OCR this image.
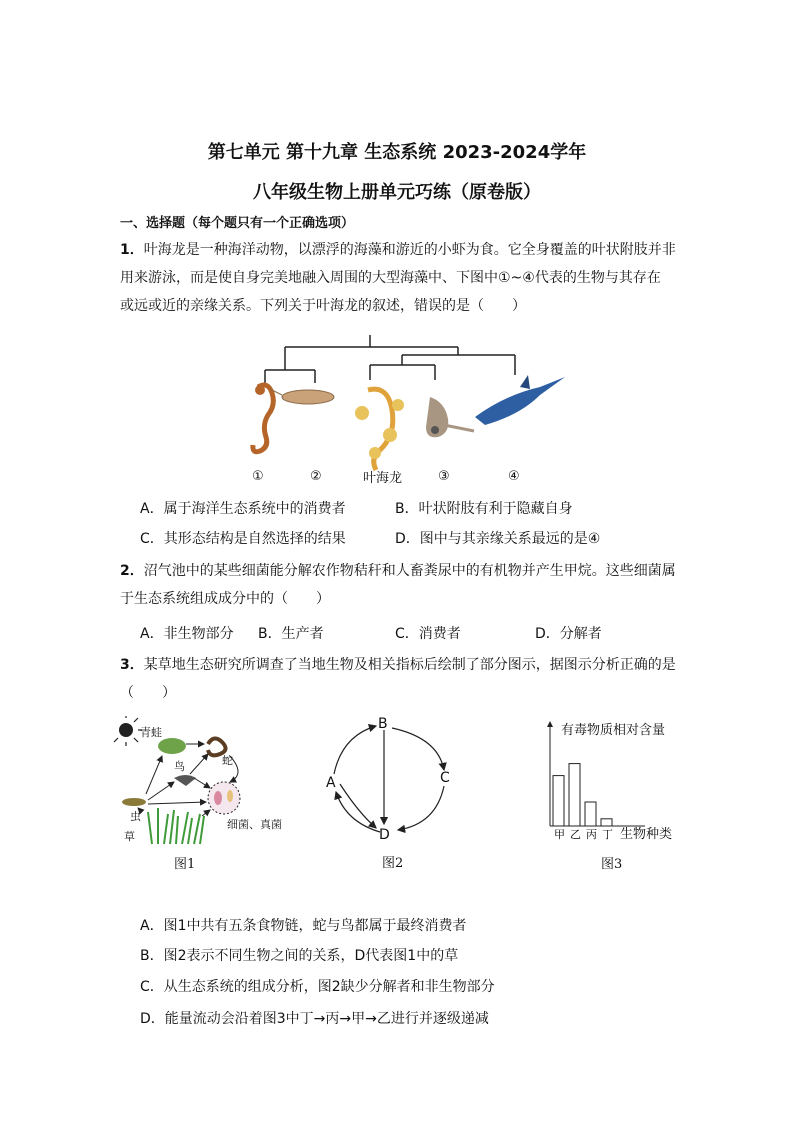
第七单元 第十九章 生态系统 2023-2024学年
八年级生物上册单元巧练（原卷版）
一、选择题（每个题只有一个正确选项）

1．叶海龙是一种海洋动物，以漂浮的海藻和游近的小虾为食。它全身覆盖的叶状附肢并非

用来游泳，而是使自身完美地融入周围的大型海藻中、下图中①~④代表的生物与其存在

或远或近的亲缘关系。下列关于叶海龙的叙述，错误的是（　　）

①	②	叶海龙	③	④
A．属于海洋生态系统中的消费者	B．叶状附肢有利于隐藏自身
C．其形态结构是自然选择的结果	D．图中与其亲缘关系最远的是④

2．沼气池中的某些细菌能分解农作物秸秆和人畜粪尿中的有机物并产生甲烷。这些细菌属

于生态系统组成成分中的（　　）

A．非生物部分 B．生产者	C．消费者	D．分解者

3．某草地生态研究所调查了当地生物及相关指标后绘制了部分图示，据图示分析正确的是

（　　）

青蛙
蛇
鸟
虫
草
细菌、真菌
图1
B
C
A
D
图2
有毒物质相对含量
生物种类
甲 乙 丙 丁
图3
A．图1中共有五条食物链，蛇与鸟都属于最终消费者
B．图2表示不同生物之间的关系，D代表图1中的草
C．从生态系统的组成分析，图2缺少分解者和非生物部分
D．能量流动会沿着图3中丁→丙→甲→乙进行并逐级递减
